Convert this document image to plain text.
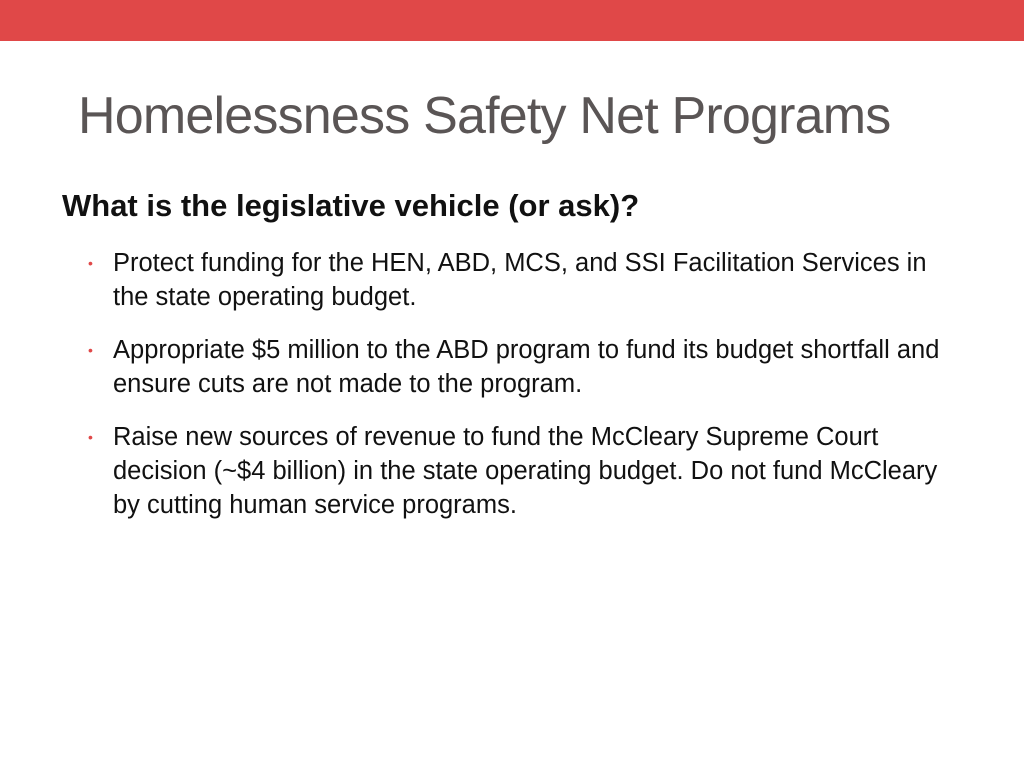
Homelessness Safety Net Programs
What is the legislative vehicle (or ask)?
• Protect funding for the HEN, ABD, MCS, and SSI Facilitation Services in the state operating budget.
• Appropriate $5 million to the ABD program to fund its budget shortfall and ensure cuts are not made to the program.
• Raise new sources of revenue to fund the McCleary Supreme Court decision (~$4 billion) in the state operating budget. Do not fund McCleary by cutting human service programs.
